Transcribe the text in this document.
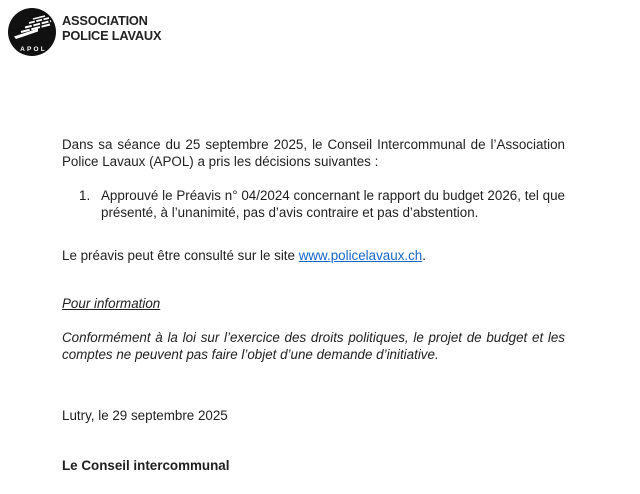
APOL
ASSOCIATION
POLICE LAVAUX

Dans sa séance du 25 septembre 2025, le Conseil Intercommunal de l’Association Police Lavaux (APOL) a pris les décisions suivantes :

1. Approuvé le Préavis n° 04/2024 concernant le rapport du budget 2026, tel que présenté, à l’unanimité, pas d’avis contraire et pas d’abstention.

Le préavis peut être consulté sur le site www.policelavaux.ch.

Pour information

Conformément à la loi sur l’exercice des droits politiques, le projet de budget et les comptes ne peuvent pas faire l’objet d’une demande d’initiative.

Lutry, le 29 septembre 2025

Le Conseil intercommunal
